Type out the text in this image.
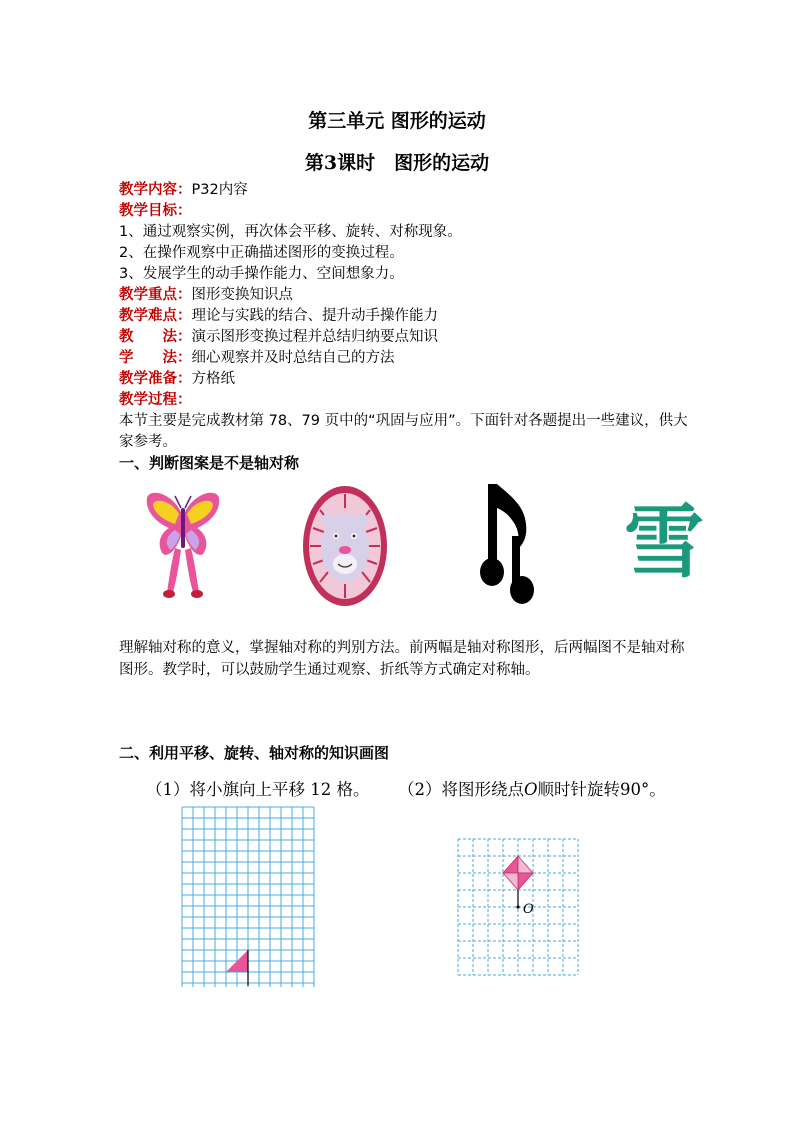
第三单元 图形的运动
第3课时　图形的运动
教学内容：P32内容
教学目标：
1、通过观察实例，再次体会平移、旋转、对称现象。
2、在操作观察中正确描述图形的变换过程。
3、发展学生的动手操作能力、空间想象力。
教学重点：图形变换知识点
教学难点：理论与实践的结合、提升动手操作能力
教　　法：演示图形变换过程并总结归纳要点知识
学　　法：细心观察并及时总结自己的方法
教学准备：方格纸
教学过程：
本节主要是完成教材第 78、79 页中的“巩固与应用”。下面针对各题提出一些建议，供大家参考。
一、判断图案是不是轴对称
雪
理解轴对称的意义，掌握轴对称的判别方法。前两幅是轴对称图形，后两幅图不是轴对称图形。教学时，可以鼓励学生通过观察、折纸等方式确定对称轴。
二、利用平移、旋转、轴对称的知识画图
（1）将小旗向上平移 12 格。 （2）将图形绕点O顺时针旋转90°。
O
